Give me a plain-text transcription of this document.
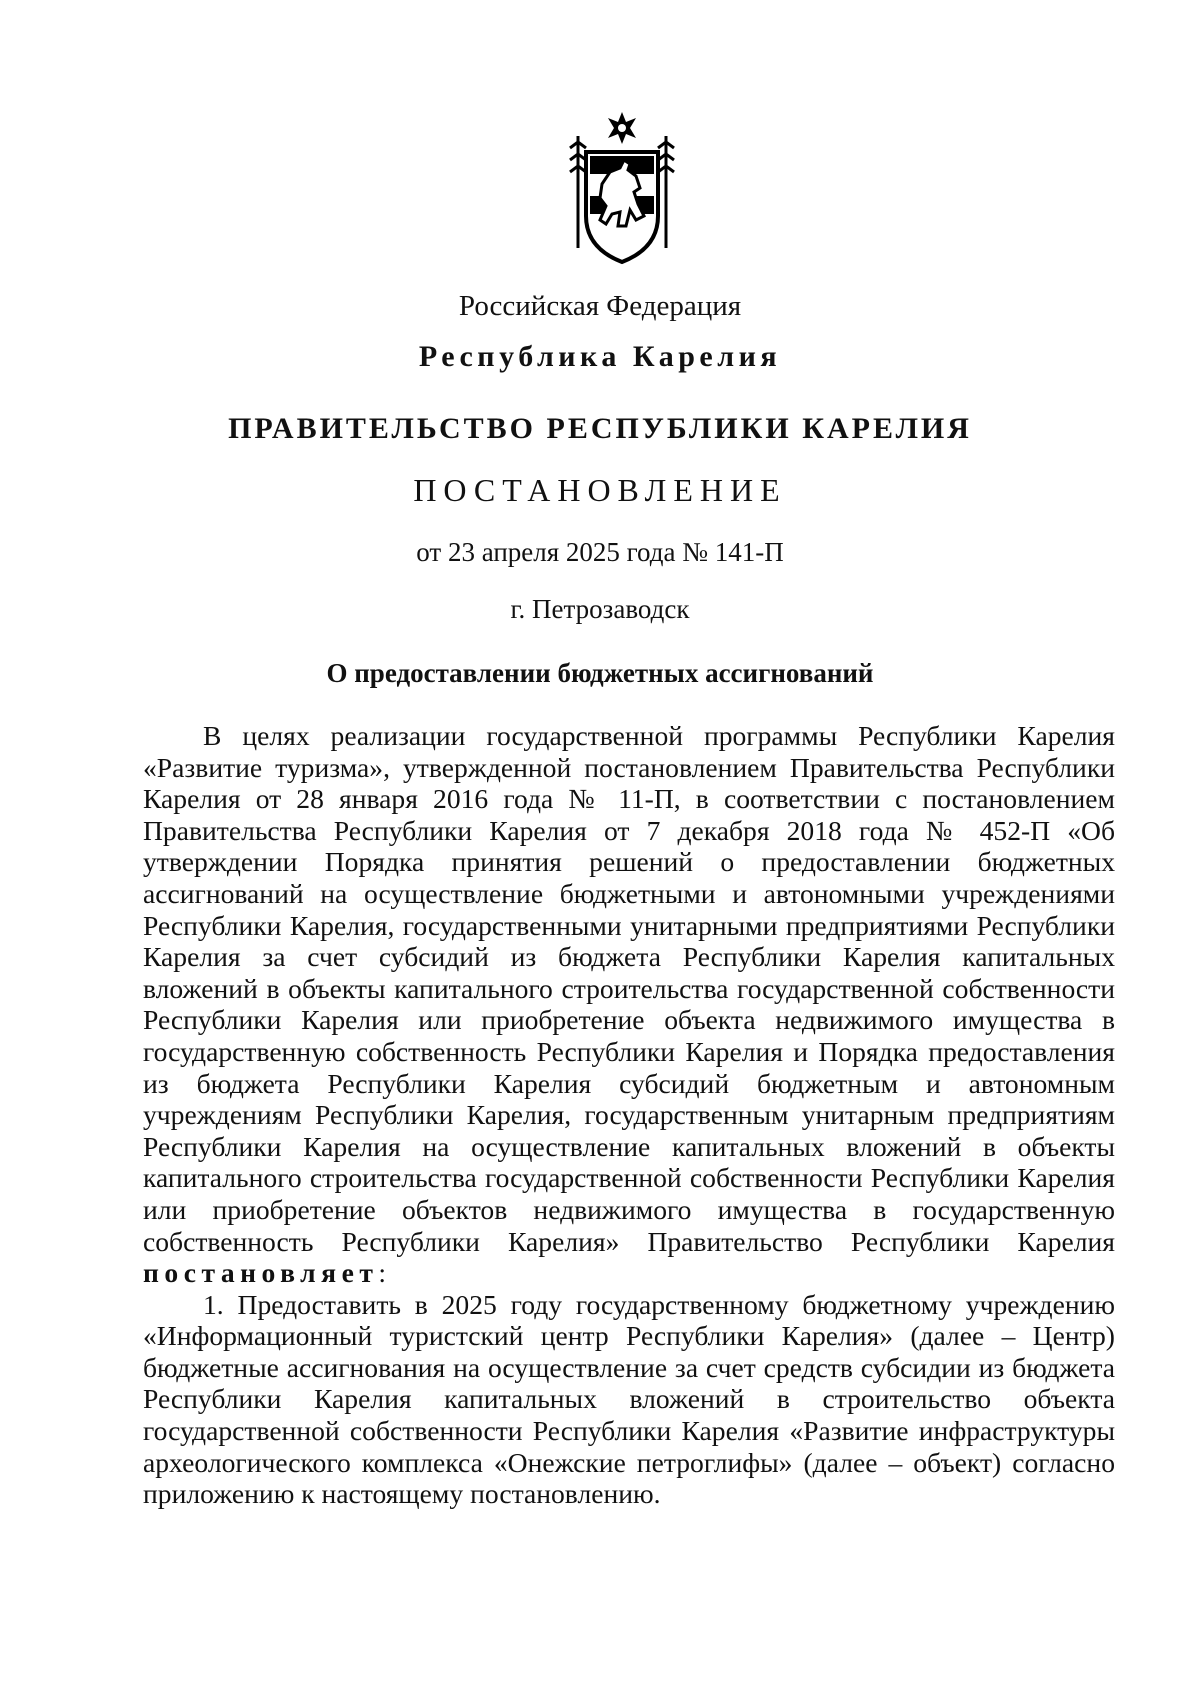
Российская Федерация
Республика Карелия
ПРАВИТЕЛЬСТВО РЕСПУБЛИКИ КАРЕЛИЯ
ПОСТАНОВЛЕНИЕ
от 23 апреля 2025 года № 141-П
г. Петрозаводск
О предоставлении бюджетных ассигнований

В целях реализации государственной программы Республики Карелия «Развитие туризма», утвержденной постановлением Правительства Республики Карелия от 28 января 2016 года № 11-П, в соответствии с постановлением Правительства Республики Карелия от 7 декабря 2018 года № 452-П «Об утверждении Порядка принятия решений о предоставлении бюджетных ассигнований на осуществление бюджетными и автономными учреждениями Республики Карелия, государственными унитарными предприятиями Республики Карелия за счет субсидий из бюджета Республики Карелия капитальных вложений в объекты капитального строительства государственной собственности Республики Карелия или приобретение объекта недвижимого имущества в государственную собственность Республики Карелия и Порядка предоставления из бюджета Республики Карелия субсидий бюджетным и автономным учреждениям Республики Карелия, государственным унитарным предприятиям Республики Карелия на осуществление капитальных вложений в объекты капитального строительства государственной собственности Республики Карелия или приобретение объектов недвижимого имущества в государственную собственность Республики Карелия» Правительство Республики Карелия постановляет:

1. Предоставить в 2025 году государственному бюджетному учреждению «Информационный туристский центр Республики Карелия» (далее – Центр) бюджетные ассигнования на осуществление за счет средств субсидии из бюджета Республики Карелия капитальных вложений в строительство объекта государственной собственности Республики Карелия «Развитие инфраструктуры археологического комплекса «Онежские петроглифы» (далее – объект) согласно приложению к настоящему постановлению.
